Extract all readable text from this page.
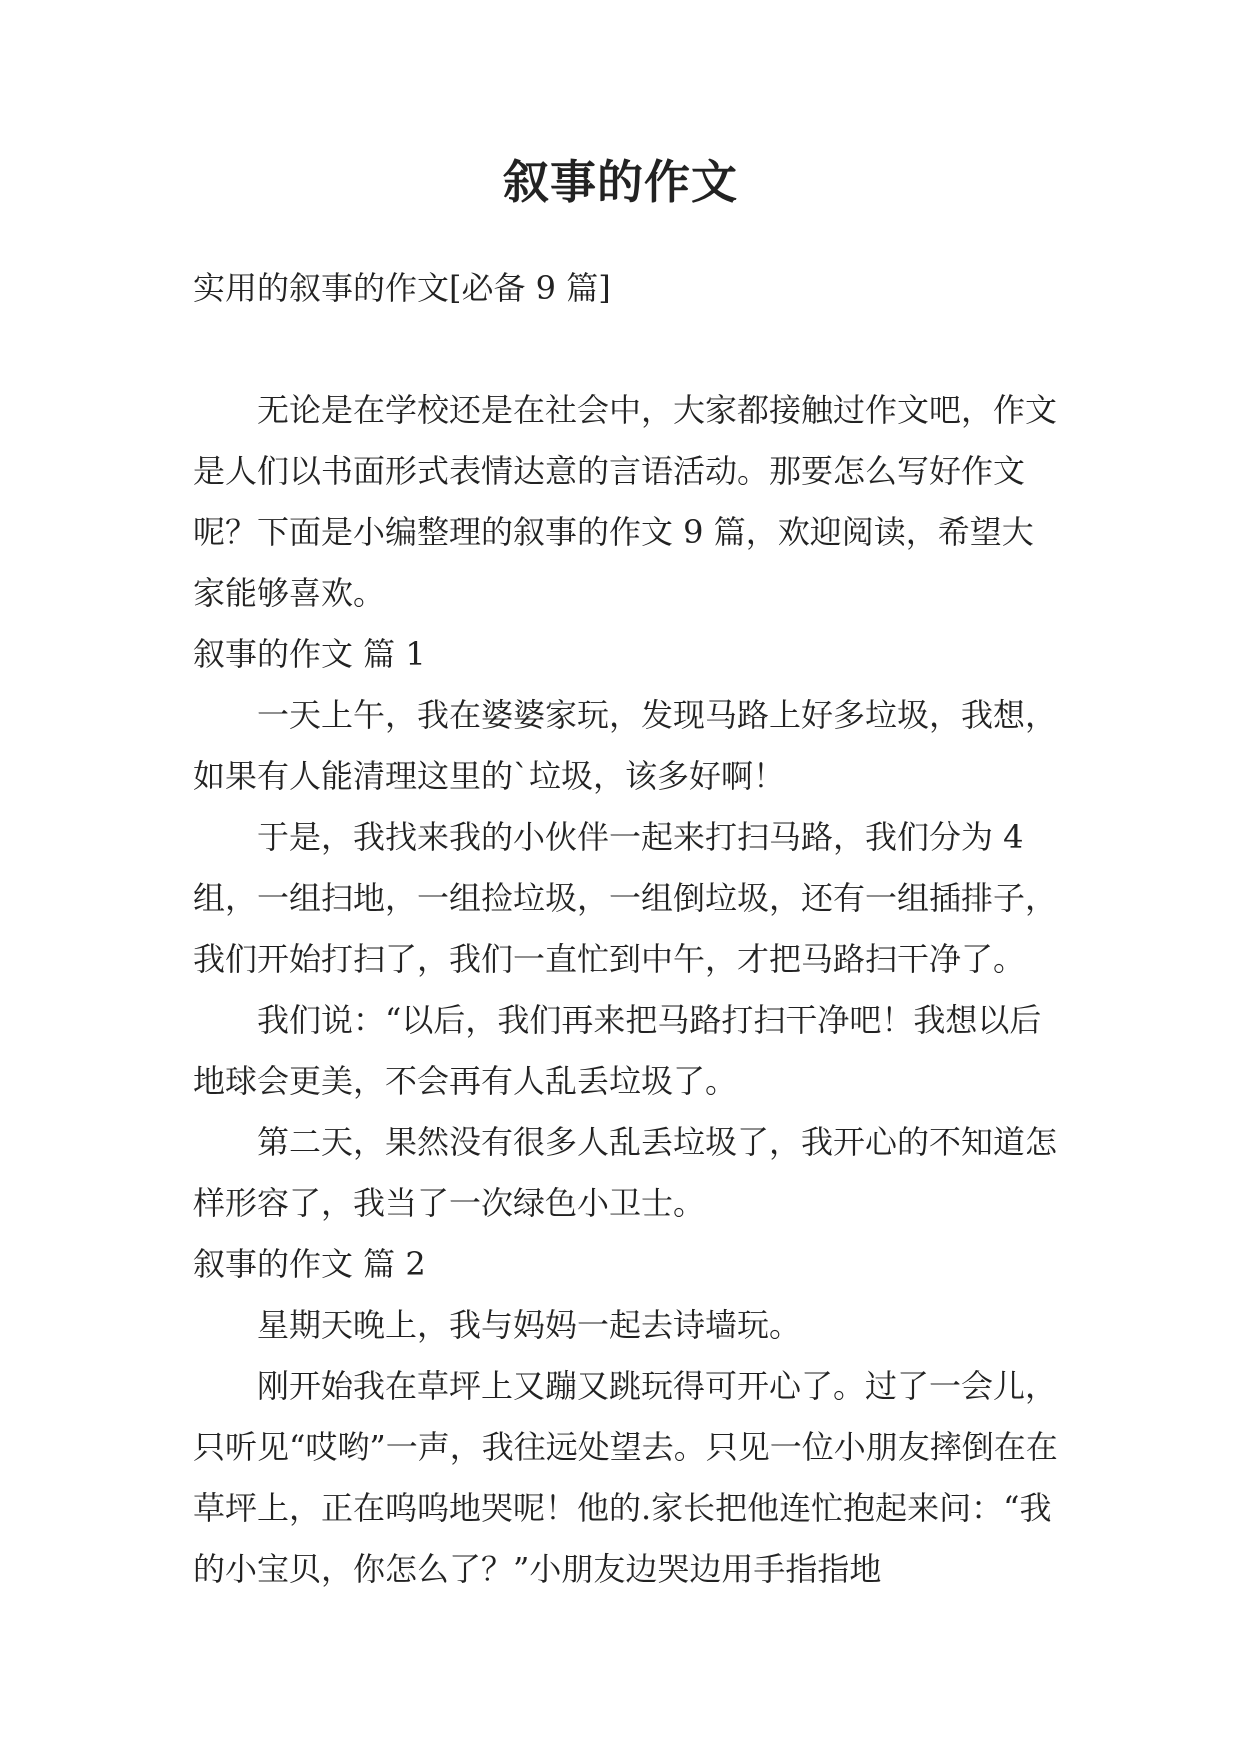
叙事的作文

实用的叙事的作文[必备 9 篇]

无论是在学校还是在社会中，大家都接触过作文吧，作文是人们以书面形式表情达意的言语活动。那要怎么写好作文呢？下面是小编整理的叙事的作文 9 篇，欢迎阅读，希望大家能够喜欢。

叙事的作文 篇 1

一天上午，我在婆婆家玩，发现马路上好多垃圾，我想，如果有人能清理这里的`垃圾，该多好啊！

于是，我找来我的小伙伴一起来打扫马路，我们分为 4 组，一组扫地，一组捡垃圾，一组倒垃圾，还有一组插排子，我们开始打扫了，我们一直忙到中午，才把马路扫干净了。

我们说：“以后，我们再来把马路打扫干净吧！我想以后地球会更美，不会再有人乱丢垃圾了。

第二天，果然没有很多人乱丢垃圾了，我开心的不知道怎样形容了，我当了一次绿色小卫士。

叙事的作文 篇 2

星期天晚上，我与妈妈一起去诗墙玩。

刚开始我在草坪上又蹦又跳玩得可开心了。过了一会儿，只听见“哎哟”一声，我往远处望去。只见一位小朋友摔倒在在草坪上，正在呜呜地哭呢！他的.家长把他连忙抱起来问：“我的小宝贝，你怎么了？”小朋友边哭边用手指指地
